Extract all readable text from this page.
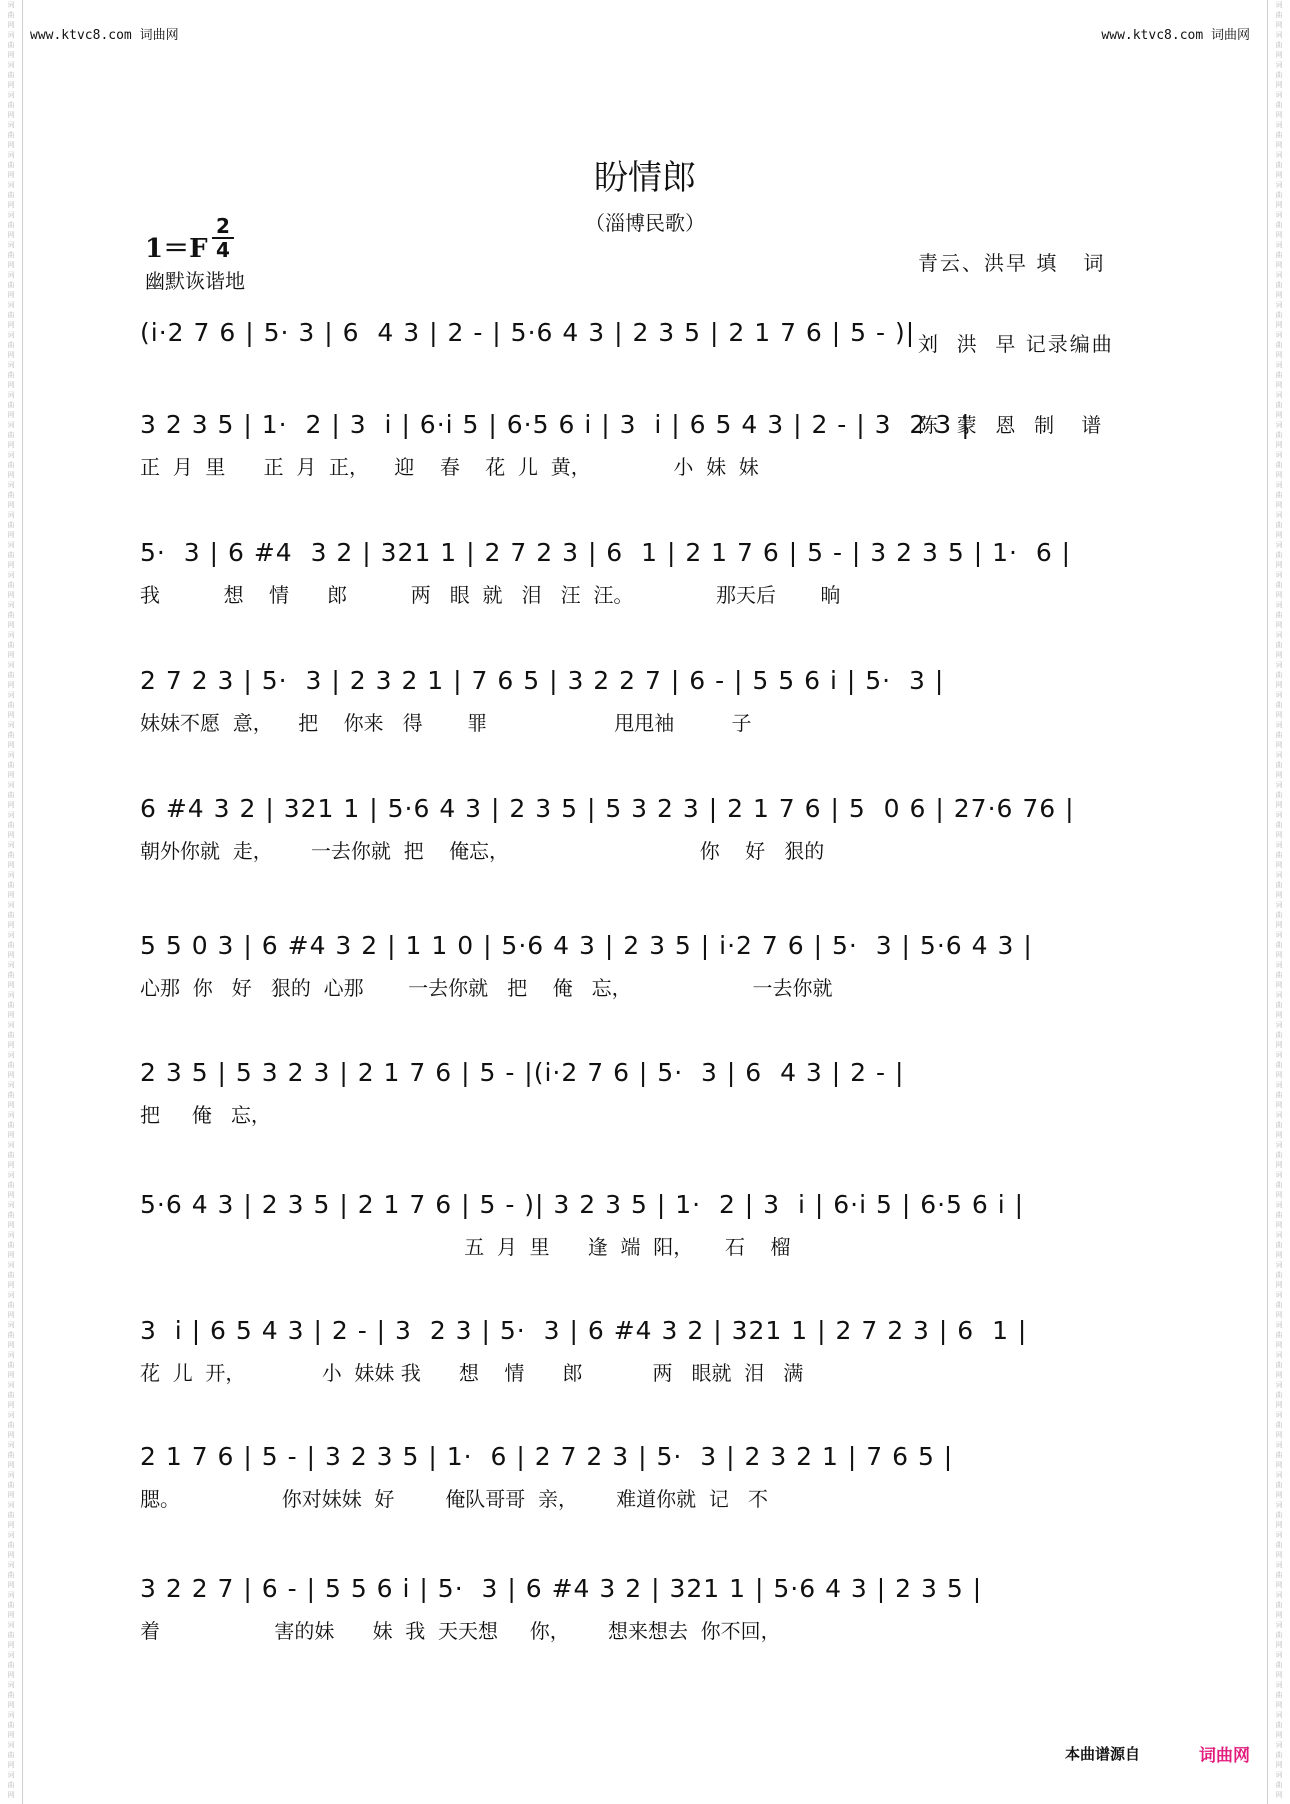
www.ktvc8.com 词曲网	www.ktvc8.com 词曲网
词
曲
网
词
曲
网
词
曲
网
词
曲
网
词
曲
网
词
曲
网
词
曲
网
词
曲
网
词
曲
网
词
曲
网
词
曲
网
词
曲
网
词
曲
网
词
曲
网
词
曲
网
词
曲
网
词
曲
网
词
曲
网
词
曲
网
词
曲
网
词
曲
网
词
曲
网
词
曲
网
词
曲
网
词
曲
网
词
曲
网
词
曲
网
词
曲
网
词
曲
网
词
曲
网
词
曲
网
词
曲
网
词
曲
网
词
曲
网
词
曲
网
词
曲
网
词
曲
网
词
曲
网
词
曲
网
词
曲
网
词
曲
网
词
曲
网
词
曲
网
词
曲
网
词
曲
网
词
曲
网
词
曲
网
词
曲
网
词
曲
网
词
曲
网
词
曲
网
词
曲
网
词
曲
网
词
曲
网
词
曲
网
词
曲
网
词
曲
网
词
曲
网
词
曲
网
词
曲
网
词
曲
网
词
曲
网
词
曲
网
词
曲
网
词
曲
网
词
曲
网
词
曲
网
词
曲
网
词
曲
网
词
曲
网
词
曲
网
词
曲
网
词
曲
网
词
曲
网
词
曲
网
词
曲
网
词
曲
网
词
曲
网
词
曲
网
词
曲
网
词
曲
网
词
曲
网
词
曲
网
词
曲
网
词
曲
网
词
曲
网
词
曲
网
词
曲
网
词
曲
网
词
曲
网
词
曲
网
词
曲
网
词
曲
网
词
曲
网
词
曲
网
词
曲
网
词
曲
网
词
曲
网
词
曲
网
词
曲
网
词
曲
网
词
曲
网
词
曲
网
词
曲
网
词
曲
网
词
曲
网
词
曲
网
词
曲
网
词
曲
网
词
曲
网
词
曲
网
词
曲
网
词
曲
网
词
曲
网
词
曲
网
词
曲
网
词
曲
网
词
曲
网
词
曲
网
词
曲
网
盼情郎
（淄博民歌）
1＝F
2
4
幽默诙谐地

青云、洪早 填   词

刘  洪  早 记录编曲

陈  蒙  恩  制   谱

(i·2 7 6 | 5· 3 | 6  4 3 | 2 - | 5·6 4 3 | 2 3 5 | 2 1 7 6 | 5 - )|
3 2 3 5 | 1·  2 | 3  i | 6·i 5 | 6·5 6 i | 3  i | 6 5 4 3 | 2 - | 3  2 3 |
正  月  里      正  月  正，    迎    春    花  儿  黄，             小  妹  妹
5·  3 | 6 #4  3 2 | 321 1 | 2 7 2 3 | 6  1 | 2 1 7 6 | 5 - | 3 2 3 5 | 1·  6 |
我          想    情      郎          两   眼  就   泪   汪  汪。             那天后       晌
2 7 2 3 | 5·  3 | 2 3 2 1 | 7 6 5 | 3 2 2 7 | 6 - | 5 5 6 i | 5·  3 |
妹妹不愿  意，    把    你来   得       罪                    甩甩袖         子
6 #4 3 2 | 321 1 | 5·6 4 3 | 2 3 5 | 5 3 2 3 | 2 1 7 6 | 5  0 6 | 27·6 76 |
朝外你就  走，      一去你就  把    俺忘，                              你    好   狠的
5 5 0 3 | 6 #4 3 2 | 1 1 0 | 5·6 4 3 | 2 3 5 | i·2 7 6 | 5·  3 | 5·6 4 3 |
心那  你   好   狠的  心那       一去你就   把    俺   忘，                   一去你就
2 3 5 | 5 3 2 3 | 2 1 7 6 | 5 - |(i·2 7 6 | 5·  3 | 6  4 3 | 2 - |
把     俺   忘，
5·6 4 3 | 2 3 5 | 2 1 7 6 | 5 - )| 3 2 3 5 | 1·  2 | 3  i | 6·i 5 | 6·5 6 i |
五  月  里      逢  端  阳，     石    榴
3  i | 6 5 4 3 | 2 - | 3  2 3 | 5·  3 | 6 #4 3 2 | 321 1 | 2 7 2 3 | 6  1 |
花  儿  开，            小  妹妹 我      想    情      郎           两   眼就  泪   满
2 1 7 6 | 5 - | 3 2 3 5 | 1·  6 | 2 7 2 3 | 5·  3 | 2 3 2 1 | 7 6 5 |
腮。                你对妹妹  好        俺队哥哥  亲，      难道你就  记   不
3 2 2 7 | 6 - | 5 5 6 i | 5·  3 | 6 #4 3 2 | 321 1 | 5·6 4 3 | 2 3 5 |
着                  害的妹      妹  我  天天想     你，      想来想去  你不回，
本曲谱源自	词曲网
